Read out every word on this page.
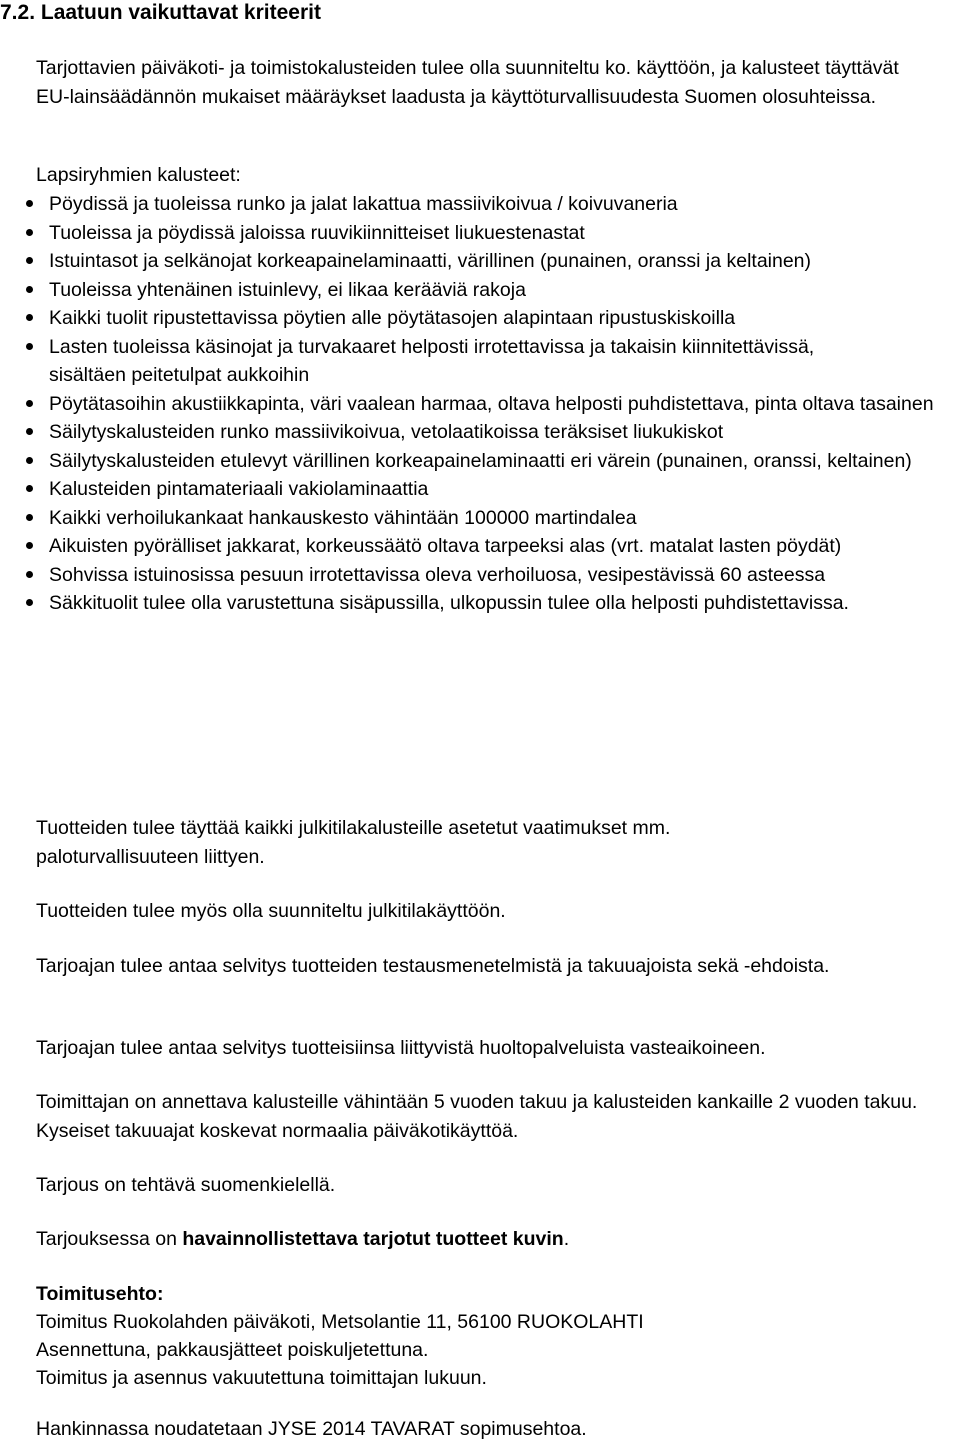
7.2. Laatuun vaikuttavat kriteerit

Tarjottavien päiväkoti- ja toimistokalusteiden tulee olla suunniteltu ko. käyttöön, ja kalusteet täyttävät EU-lainsäädännön mukaiset määräykset laadusta ja käyttöturvallisuudesta Suomen olosuhteissa.

Lapsiryhmien kalusteet:

Pöydissä ja tuoleissa runko ja jalat lakattua massiivikoivua / koivuvaneria
Tuoleissa ja pöydissä jaloissa ruuvikiinnitteiset liukuestenastat
Istuintasot ja selkänojat korkeapainelaminaatti, värillinen (punainen, oranssi ja keltainen)
Tuoleissa yhtenäinen istuinlevy, ei likaa kerääviä rakoja
Kaikki tuolit ripustettavissa pöytien alle pöytätasojen alapintaan ripustuskiskoilla
Lasten tuoleissa käsinojat ja turvakaaret helposti irrotettavissa ja takaisin kiinnitettävissä, sisältäen peitetulpat aukkoihin
Pöytätasoihin akustiikkapinta, väri vaalean harmaa, oltava helposti puhdistettava, pinta oltava tasainen
Säilytyskalusteiden runko massiivikoivua, vetolaatikoissa teräksiset liukukiskot
Säilytyskalusteiden etulevyt värillinen korkeapainelaminaatti eri värein (punainen, oranssi, keltainen)
Kalusteiden pintamateriaali vakiolaminaattia
Kaikki verhoilukankaat hankauskesto vähintään 100000 martindalea
Aikuisten pyörälliset jakkarat, korkeussäätö oltava tarpeeksi alas (vrt. matalat lasten pöydät)
Sohvissa istuinosissa pesuun irrotettavissa oleva verhoiluosa, vesipestävissä 60 asteessa
Säkkituolit tulee olla varustettuna sisäpussilla, ulkopussin tulee olla helposti puhdistettavissa.

Tuotteiden tulee täyttää kaikki julkitilakalusteille asetetut vaatimukset mm. paloturvallisuuteen liittyen.

Tuotteiden tulee myös olla suunniteltu julkitilakäyttöön.

Tarjoajan tulee antaa selvitys tuotteiden testausmenetelmistä ja takuuajoista sekä -ehdoista.

Tarjoajan tulee antaa selvitys tuotteisiinsa liittyvistä huoltopalveluista vasteaikoineen.

Toimittajan on annettava kalusteille vähintään 5 vuoden takuu ja kalusteiden kankaille 2 vuoden takuu. Kyseiset takuuajat koskevat normaalia päiväkotikäyttöä.

Tarjous on tehtävä suomenkielellä.

Tarjouksessa on havainnollistettava tarjotut tuotteet kuvin.

Toimitusehto:

Toimitus Ruokolahden päiväkoti, Metsolantie 11, 56100 RUOKOLAHTI

Asennettuna, pakkausjätteet poiskuljetettuna.

Toimitus ja asennus vakuutettuna toimittajan lukuun.

Hankinnassa noudatetaan JYSE 2014 TAVARAT sopimusehtoa.
